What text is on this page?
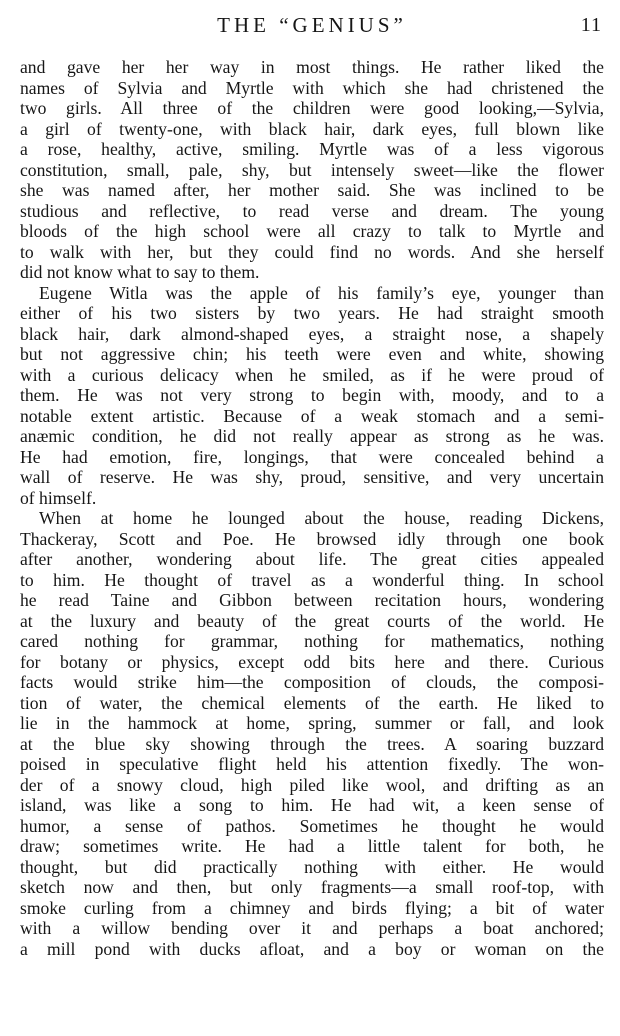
THE “GENIUS”	11
and gave her her way in most things. He rather liked the
names of Sylvia and Myrtle with which she had christened the
two girls. All three of the children were good looking,—Sylvia,
a girl of twenty-one, with black hair, dark eyes, full blown like
a rose, healthy, active, smiling. Myrtle was of a less vigorous
constitution, small, pale, shy, but intensely sweet—like the flower
she was named after, her mother said. She was inclined to be
studious and reflective, to read verse and dream. The young
bloods of the high school were all crazy to talk to Myrtle and
to walk with her, but they could find no words. And she herself
did not know what to say to them.
Eugene Witla was the apple of his family’s eye, younger than
either of his two sisters by two years. He had straight smooth
black hair, dark almond-shaped eyes, a straight nose, a shapely
but not aggressive chin; his teeth were even and white, showing
with a curious delicacy when he smiled, as if he were proud of
them. He was not very strong to begin with, moody, and to a
notable extent artistic. Because of a weak stomach and a semi-
anæmic condition, he did not really appear as strong as he was.
He had emotion, fire, longings, that were concealed behind a
wall of reserve. He was shy, proud, sensitive, and very uncertain
of himself.
When at home he lounged about the house, reading Dickens,
Thackeray, Scott and Poe. He browsed idly through one book
after another, wondering about life. The great cities appealed
to him. He thought of travel as a wonderful thing. In school
he read Taine and Gibbon between recitation hours, wondering
at the luxury and beauty of the great courts of the world. He
cared nothing for grammar, nothing for mathematics, nothing
for botany or physics, except odd bits here and there. Curious
facts would strike him—the composition of clouds, the composi-
tion of water, the chemical elements of the earth. He liked to
lie in the hammock at home, spring, summer or fall, and look
at the blue sky showing through the trees. A soaring buzzard
poised in speculative flight held his attention fixedly. The won-
der of a snowy cloud, high piled like wool, and drifting as an
island, was like a song to him. He had wit, a keen sense of
humor, a sense of pathos. Sometimes he thought he would
draw; sometimes write. He had a little talent for both, he
thought, but did practically nothing with either. He would
sketch now and then, but only fragments—a small roof-top, with
smoke curling from a chimney and birds flying; a bit of water
with a willow bending over it and perhaps a boat anchored;
a mill pond with ducks afloat, and a boy or woman on the
